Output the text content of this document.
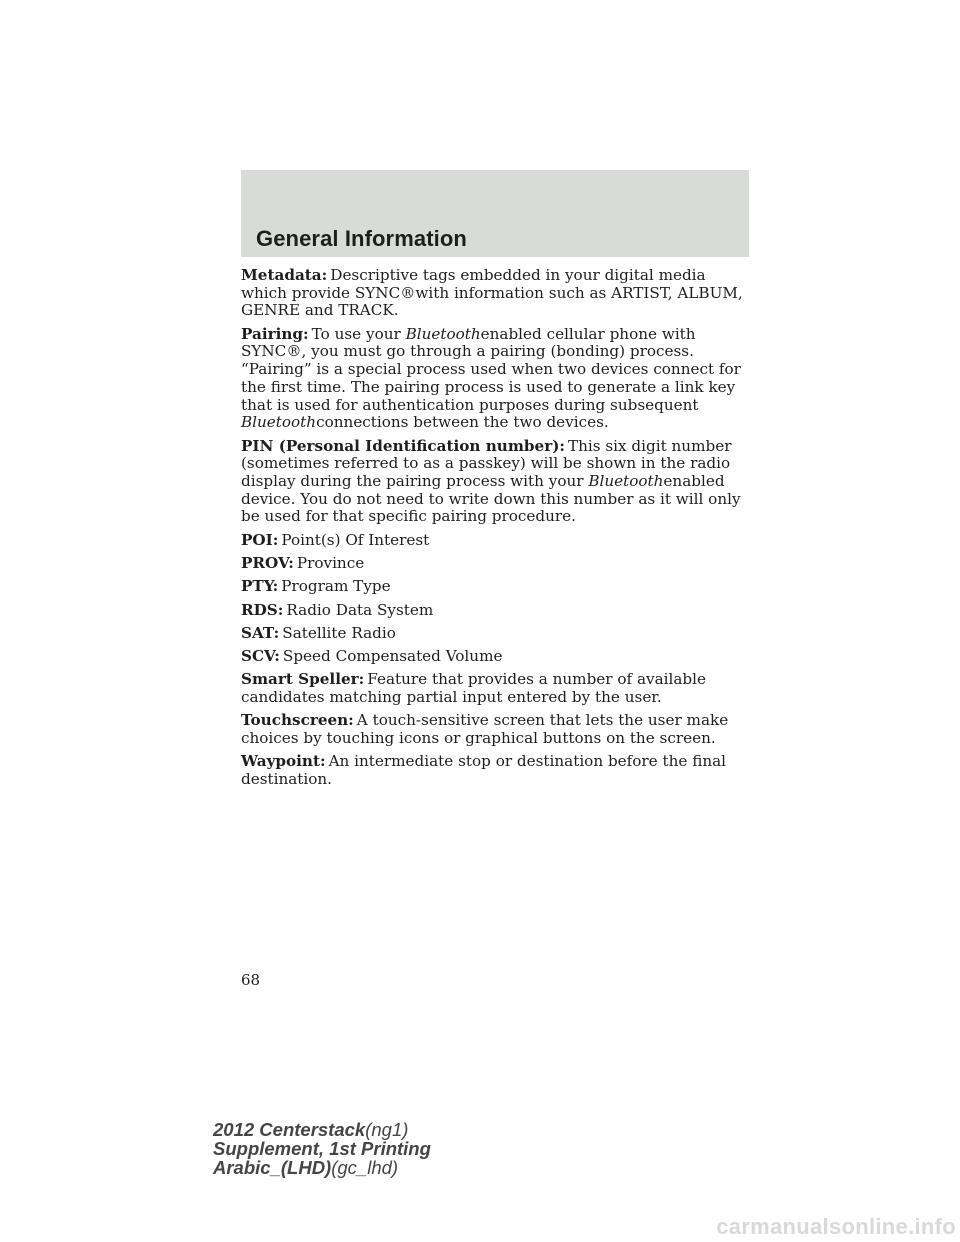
General Information

Metadata: Descriptive tags embedded in your digital media which provide SYNC®with information such as ARTIST, ALBUM, GENRE and TRACK.

Pairing: To use your Bluetoothenabled cellular phone with SYNC®, you must go through a pairing (bonding) process. “Pairing” is a special process used when two devices connect for the first time. The pairing process is used to generate a link key that is used for authentication purposes during subsequent Bluetoothconnections between the two devices.

PIN (Personal Identification number): This six digit number (sometimes referred to as a passkey) will be shown in the radio display during the pairing process with your Bluetoothenabled device. You do not need to write down this number as it will only be used for that specific pairing procedure.

POI: Point(s) Of Interest

PROV: Province

PTY: Program Type

RDS: Radio Data System

SAT: Satellite Radio

SCV: Speed Compensated Volume

Smart Speller: Feature that provides a number of available candidates matching partial input entered by the user.

Touchscreen: A touch-sensitive screen that lets the user make choices by touching icons or graphical buttons on the screen.

Waypoint: An intermediate stop or destination before the final destination.

68
2012 Centerstack(ng1)
Supplement, 1st Printing
Arabic_(LHD)(gc_lhd)
carmanualsonline.info
